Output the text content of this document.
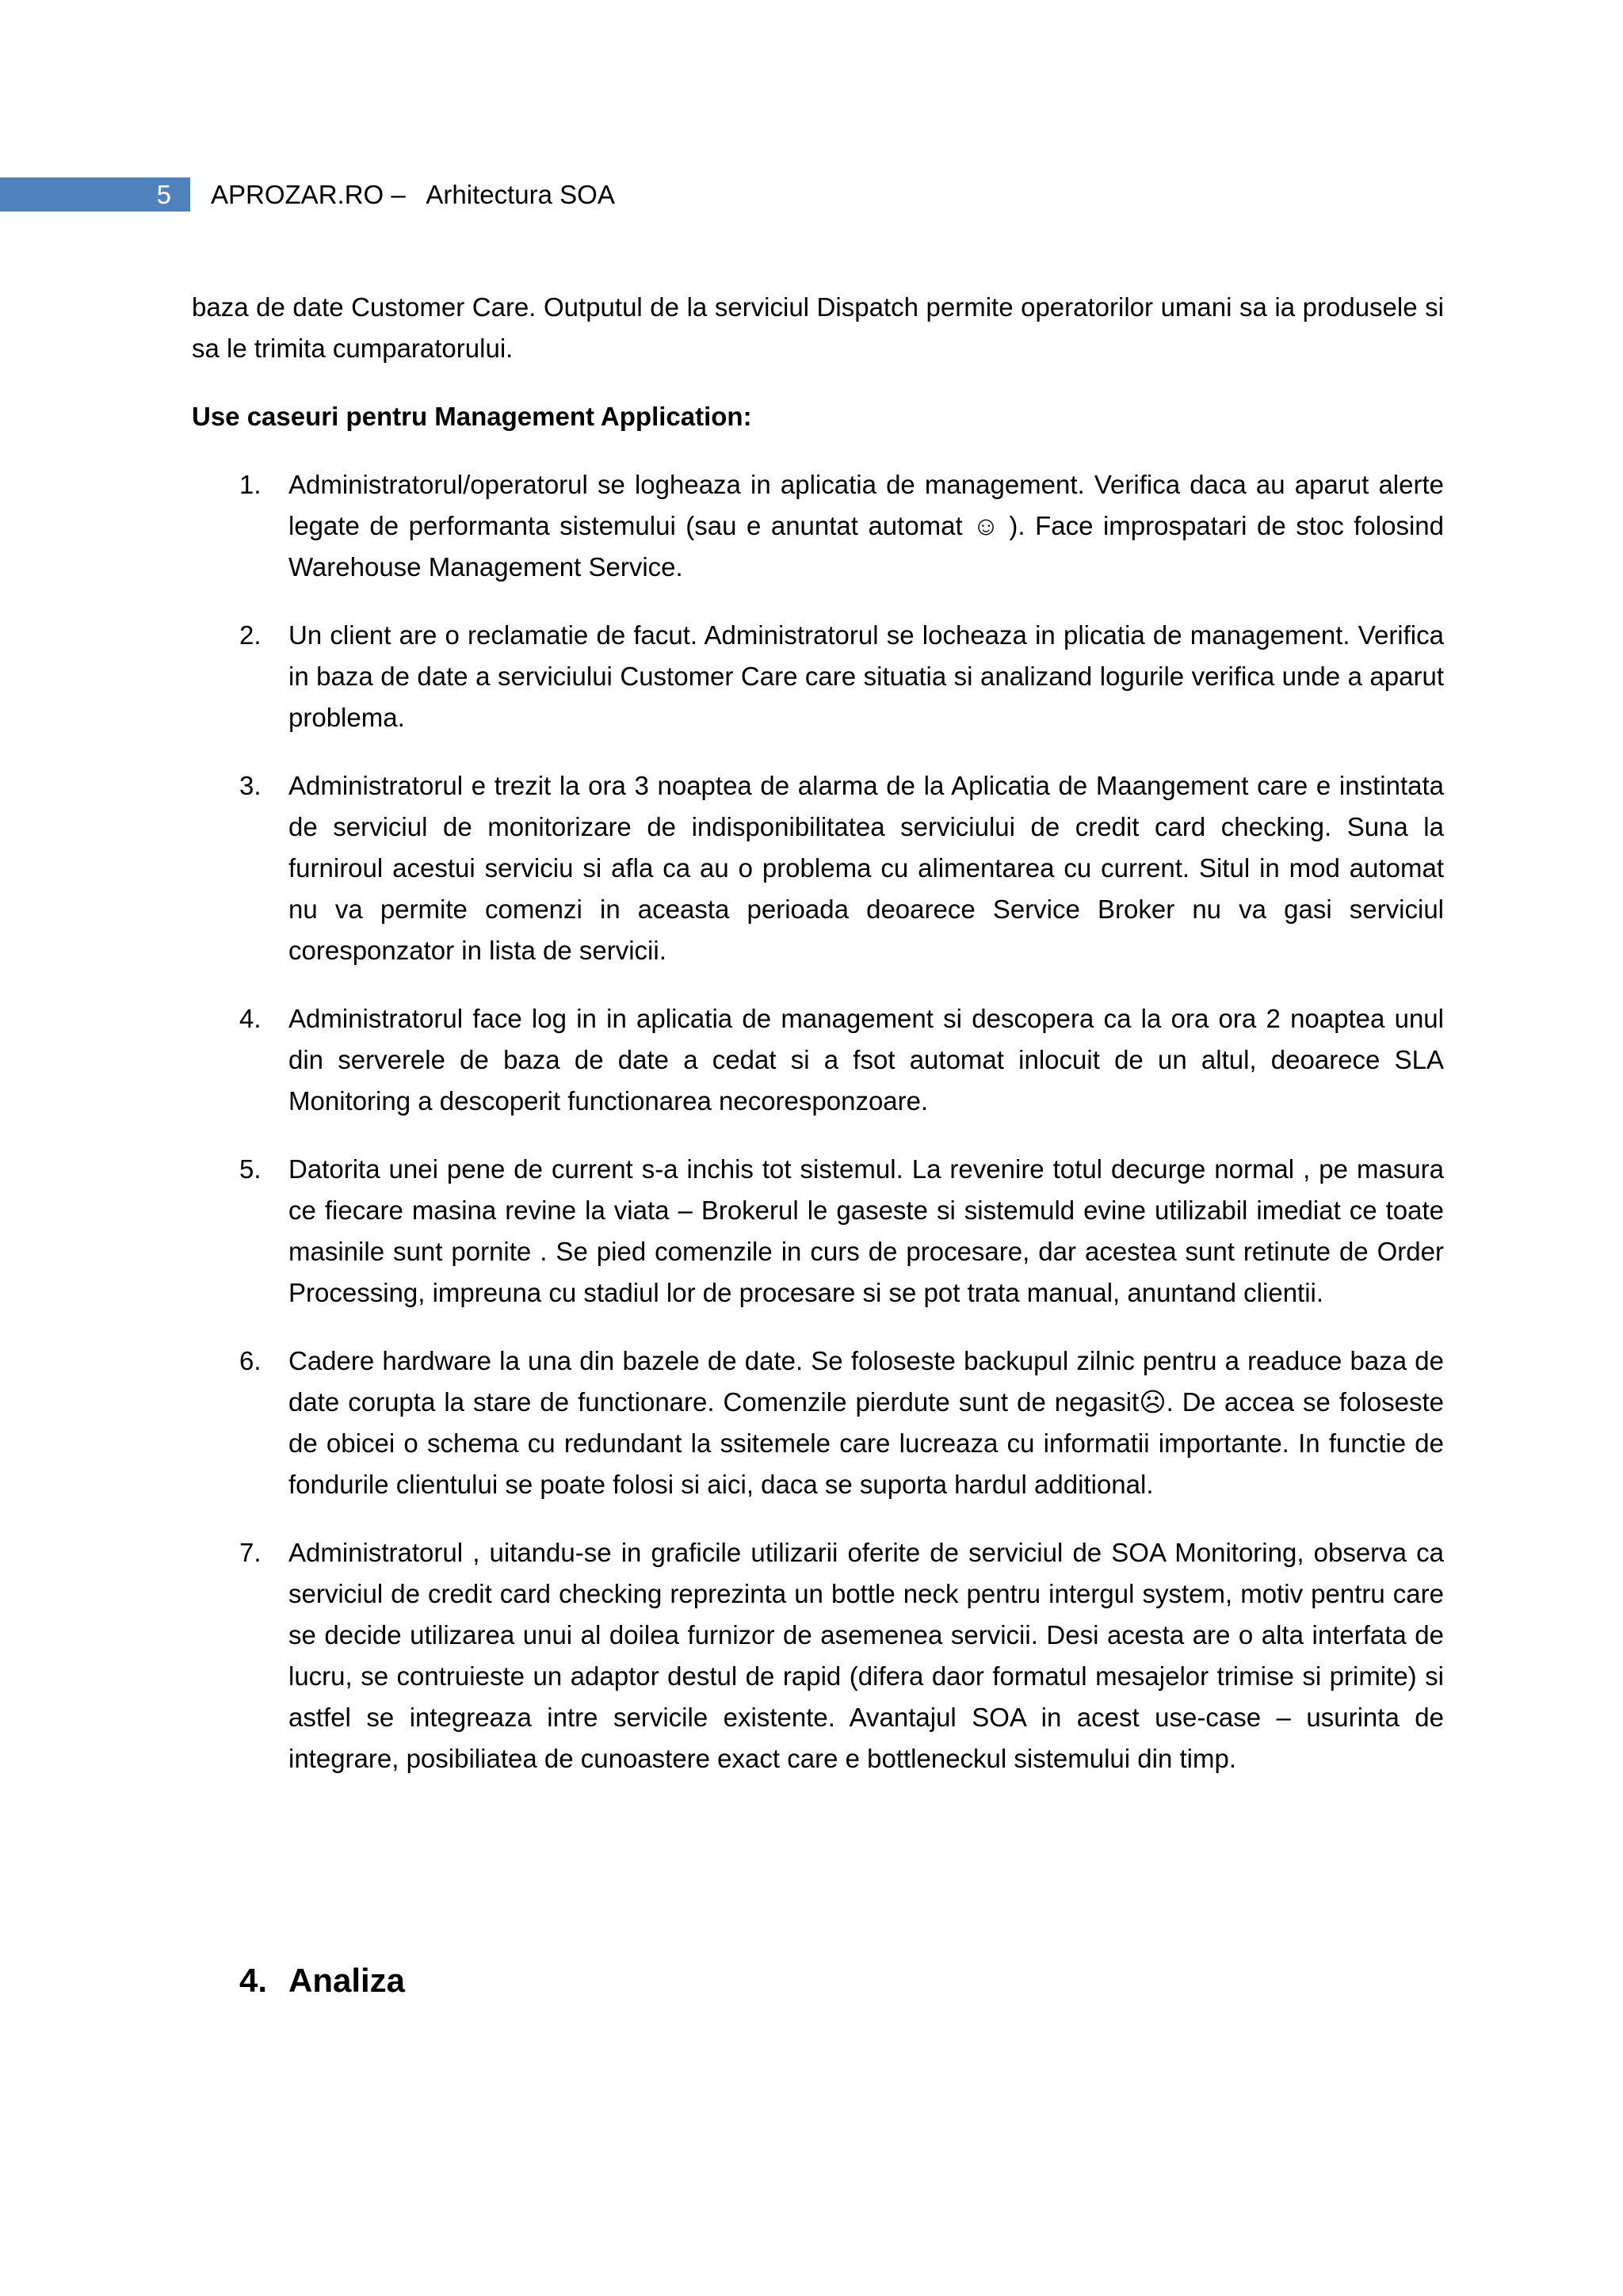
5 APROZAR.RO –   Arhitectura SOA

baza de date Customer Care. Outputul de la serviciul Dispatch permite operatorilor umani sa ia produsele si sa le trimita cumparatorului.

Use caseuri pentru Management Application:

1. Administratorul/operatorul se logheaza in aplicatia de management. Verifica daca au aparut alerte legate de performanta sistemului (sau e anuntat automat ☺ ). Face improspatari de stoc folosind Warehouse Management Service.
2. Un client are o reclamatie de facut. Administratorul se locheaza in plicatia de management. Verifica in baza de date a serviciului Customer Care care situatia si analizand logurile verifica unde a aparut problema.
3. Administratorul e trezit la ora 3 noaptea de alarma de la Aplicatia de Maangement care e instintata de serviciul de monitorizare de indisponibilitatea serviciului de credit card checking. Suna la furniroul acestui serviciu si afla ca au o problema cu alimentarea cu current. Situl in mod automat nu va permite comenzi in aceasta perioada deoarece Service Broker nu va gasi serviciul coresponzator in lista de servicii.
4. Administratorul face log in in aplicatia de management si descopera ca la ora ora 2 noaptea unul din serverele de baza de date a cedat si a fsot automat inlocuit de un altul, deoarece SLA Monitoring a descoperit functionarea necoresponzoare.
5. Datorita unei pene de current s-a inchis tot sistemul. La revenire totul decurge normal , pe masura ce fiecare masina revine la viata – Brokerul le gaseste si sistemuld evine utilizabil imediat ce toate masinile sunt pornite . Se pied comenzile in curs de procesare, dar acestea sunt retinute de Order Processing, impreuna cu stadiul lor de procesare si se pot trata manual, anuntand clientii.
6. Cadere hardware la una din bazele de date. Se foloseste backupul zilnic pentru a readuce baza de date corupta la stare de functionare. Comenzile pierdute sunt de negasit☹. De accea se foloseste de obicei o schema cu redundant la ssitemele care lucreaza cu informatii importante. In functie de fondurile clientului se poate folosi si aici, daca se suporta hardul additional.
7. Administratorul , uitandu-se in graficile utilizarii oferite de serviciul de SOA Monitoring, observa ca serviciul de credit card checking reprezinta un bottle neck pentru intergul system, motiv pentru care se decide utilizarea unui al doilea furnizor de asemenea servicii. Desi acesta are o alta interfata de lucru, se contruieste un adaptor destul de rapid (difera daor formatul mesajelor trimise si primite) si astfel se integreaza intre servicile existente. Avantajul SOA in acest use-case – usurinta de integrare, posibiliatea de cunoastere exact care e bottleneckul sistemului din timp.
4. Analiza
